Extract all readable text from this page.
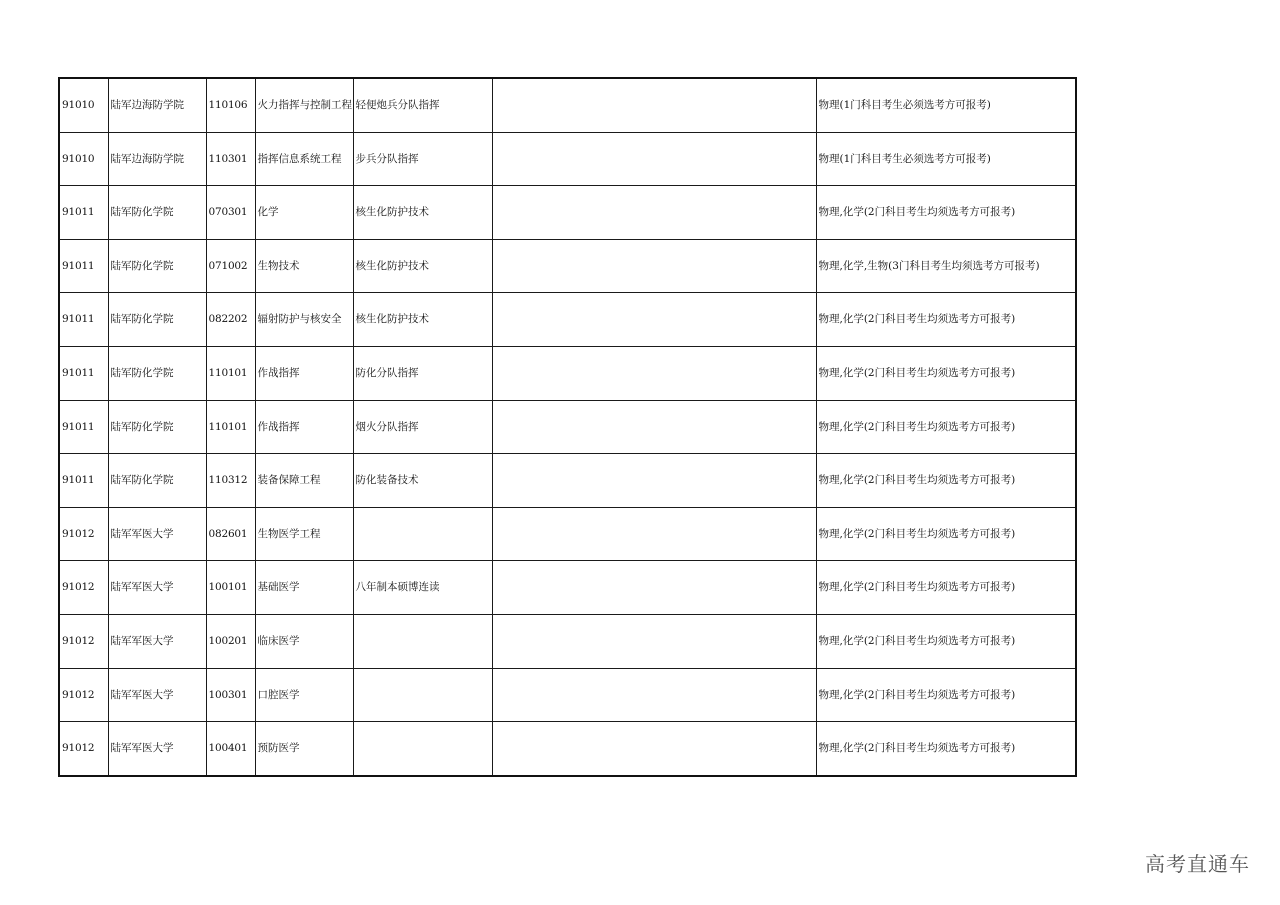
91010	陆军边海防学院	110106	火力指挥与控制工程	轻便炮兵分队指挥		物理(1门科目考生必须选考方可报考)
91010	陆军边海防学院	110301	指挥信息系统工程	步兵分队指挥		物理(1门科目考生必须选考方可报考)
91011	陆军防化学院	070301	化学	核生化防护技术		物理,化学(2门科目考生均须选考方可报考)
91011	陆军防化学院	071002	生物技术	核生化防护技术		物理,化学,生物(3门科目考生均须选考方可报考)
91011	陆军防化学院	082202	辐射防护与核安全	核生化防护技术		物理,化学(2门科目考生均须选考方可报考)
91011	陆军防化学院	110101	作战指挥	防化分队指挥		物理,化学(2门科目考生均须选考方可报考)
91011	陆军防化学院	110101	作战指挥	烟火分队指挥		物理,化学(2门科目考生均须选考方可报考)
91011	陆军防化学院	110312	装备保障工程	防化装备技术		物理,化学(2门科目考生均须选考方可报考)
91012	陆军军医大学	082601	生物医学工程			物理,化学(2门科目考生均须选考方可报考)
91012	陆军军医大学	100101	基础医学	八年制本硕博连读		物理,化学(2门科目考生均须选考方可报考)
91012	陆军军医大学	100201	临床医学			物理,化学(2门科目考生均须选考方可报考)
91012	陆军军医大学	100301	口腔医学			物理,化学(2门科目考生均须选考方可报考)
91012	陆军军医大学	100401	预防医学			物理,化学(2门科目考生均须选考方可报考)
高考直通车
